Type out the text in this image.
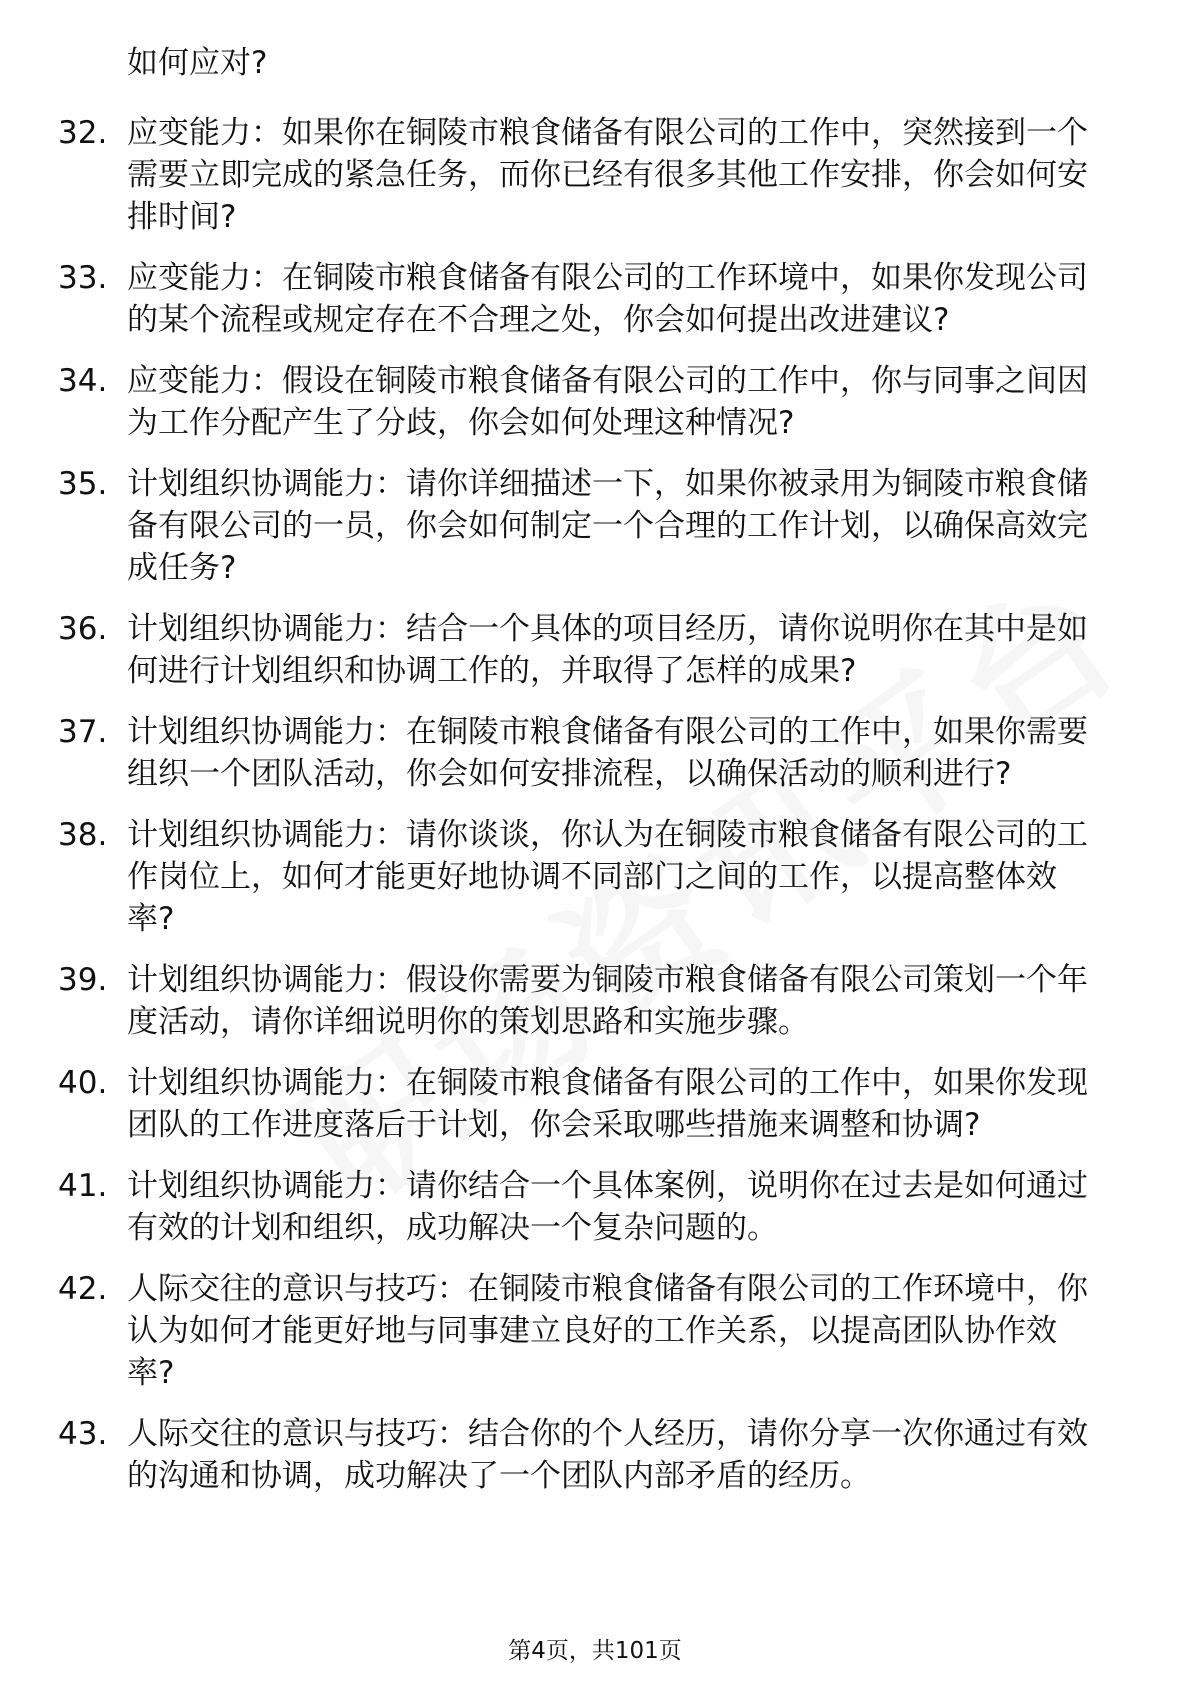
如何应对?

32. 应变能力：如果你在铜陵市粮食储备有限公司的工作中，突然接到一个需要立即完成的紧急任务，而你已经有很多其他工作安排，你会如何安排时间?
33. 应变能力：在铜陵市粮食储备有限公司的工作环境中，如果你发现公司的某个流程或规定存在不合理之处，你会如何提出改进建议?
34. 应变能力：假设在铜陵市粮食储备有限公司的工作中，你与同事之间因为工作分配产生了分歧，你会如何处理这种情况?
35. 计划组织协调能力：请你详细描述一下，如果你被录用为铜陵市粮食储备有限公司的一员，你会如何制定一个合理的工作计划，以确保高效完成任务?
36. 计划组织协调能力：结合一个具体的项目经历，请你说明你在其中是如何进行计划组织和协调工作的，并取得了怎样的成果?
37. 计划组织协调能力：在铜陵市粮食储备有限公司的工作中，如果你需要组织一个团队活动，你会如何安排流程，以确保活动的顺利进行?
38. 计划组织协调能力：请你谈谈，你认为在铜陵市粮食储备有限公司的工作岗位上，如何才能更好地协调不同部门之间的工作，以提高整体效率?
39. 计划组织协调能力：假设你需要为铜陵市粮食储备有限公司策划一个年度活动，请你详细说明你的策划思路和实施步骤。
40. 计划组织协调能力：在铜陵市粮食储备有限公司的工作中，如果你发现团队的工作进度落后于计划，你会采取哪些措施来调整和协调?
41. 计划组织协调能力：请你结合一个具体案例，说明你在过去是如何通过有效的计划和组织，成功解决一个复杂问题的。
42. 人际交往的意识与技巧：在铜陵市粮食储备有限公司的工作环境中，你认为如何才能更好地与同事建立良好的工作关系，以提高团队协作效率?
43. 人际交往的意识与技巧：结合你的个人经历，请你分享一次你通过有效的沟通和协调，成功解决了一个团队内部矛盾的经历。
第4页，共101页
